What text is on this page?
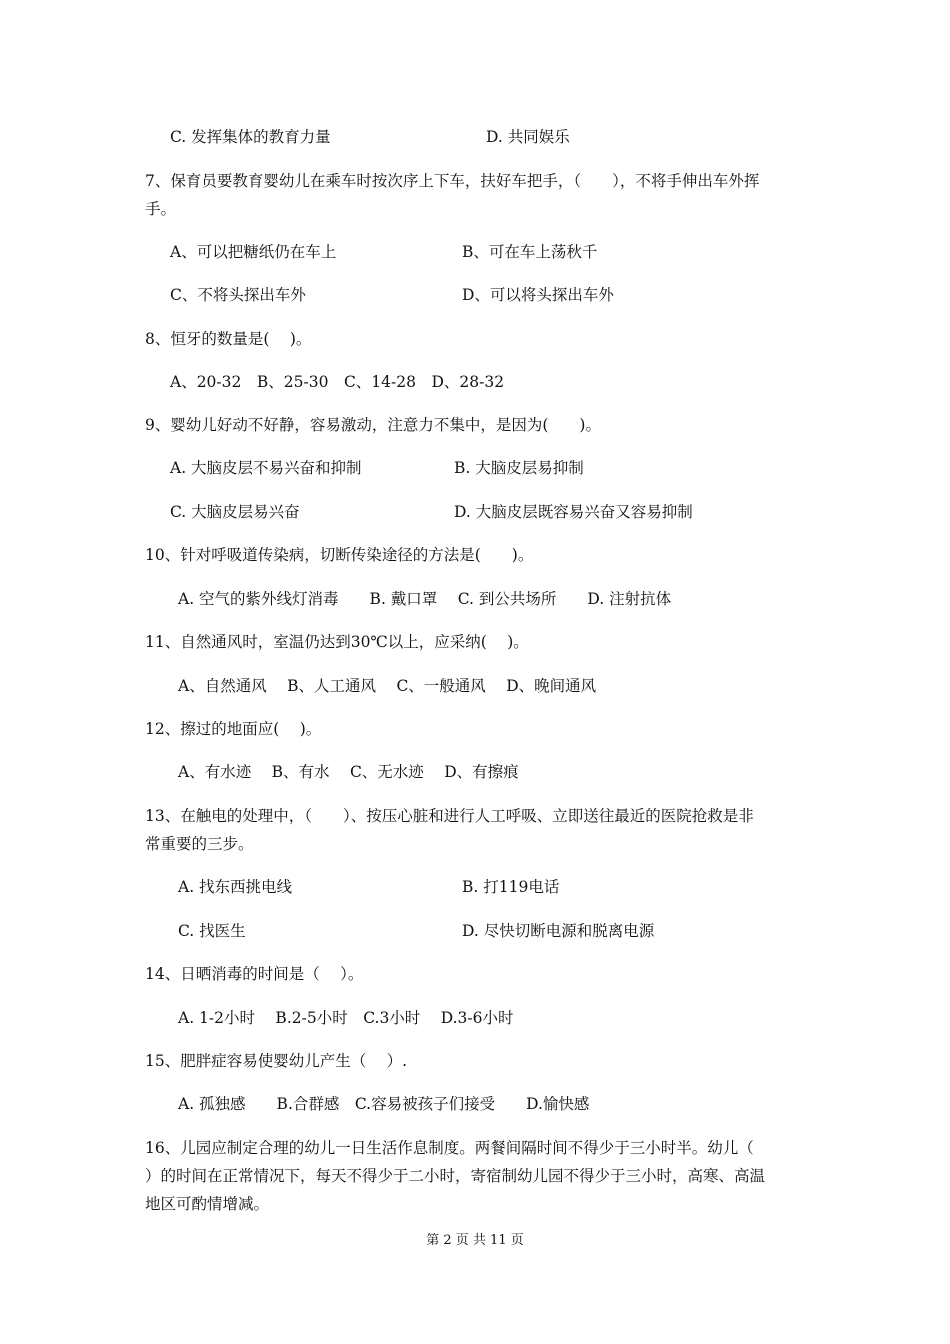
C. 发挥集体的教育力量	D. 共同娱乐
7、保育员要教育婴幼儿在乘车时按次序上下车，扶好车把手，（　　），不将手伸出车外挥
手。
A、可以把糖纸仍在车上	B、可在车上荡秋千
C、不将头探出车外	D、可以将头探出车外
8、恒牙的数量是(　 )。
A、20-32　B、25-30　C、14-28　D、28-32
9、婴幼儿好动不好静，容易激动，注意力不集中，是因为(　　)。
A. 大脑皮层不易兴奋和抑制	B. 大脑皮层易抑制
C. 大脑皮层易兴奋	D. 大脑皮层既容易兴奋又容易抑制
10、针对呼吸道传染病，切断传染途径的方法是(　　)。
A. 空气的紫外线灯消毒　　B. 戴口罩　 C. 到公共场所　　D. 注射抗体
11、自然通风时，室温仍达到30℃以上，应采纳(　 )。
A、自然通风　 B、人工通风　 C、一般通风　 D、晚间通风
12、擦过的地面应(　 )。
A、有水迹　 B、有水　 C、无水迹　 D、有擦痕
13、在触电的处理中，（　　）、按压心脏和进行人工呼吸、立即送往最近的医院抢救是非
常重要的三步。
A. 找东西挑电线	B. 打119电话
C. 找医生	D. 尽快切断电源和脱离电源
14、日晒消毒的时间是（　 ）。
A. 1-2小时　 B.2-5小时　C.3小时　 D.3-6小时
15、肥胖症容易使婴幼儿产生（　 ）.
A. 孤独感　　B.合群感　C.容易被孩子们接受　　D.愉快感
16、儿园应制定合理的幼儿一日生活作息制度。两餐间隔时间不得少于三小时半。幼儿（
）的时间在正常情况下，每天不得少于二小时，寄宿制幼儿园不得少于三小时，高寒、高温
地区可酌情增减。
第 2 页 共 11 页
